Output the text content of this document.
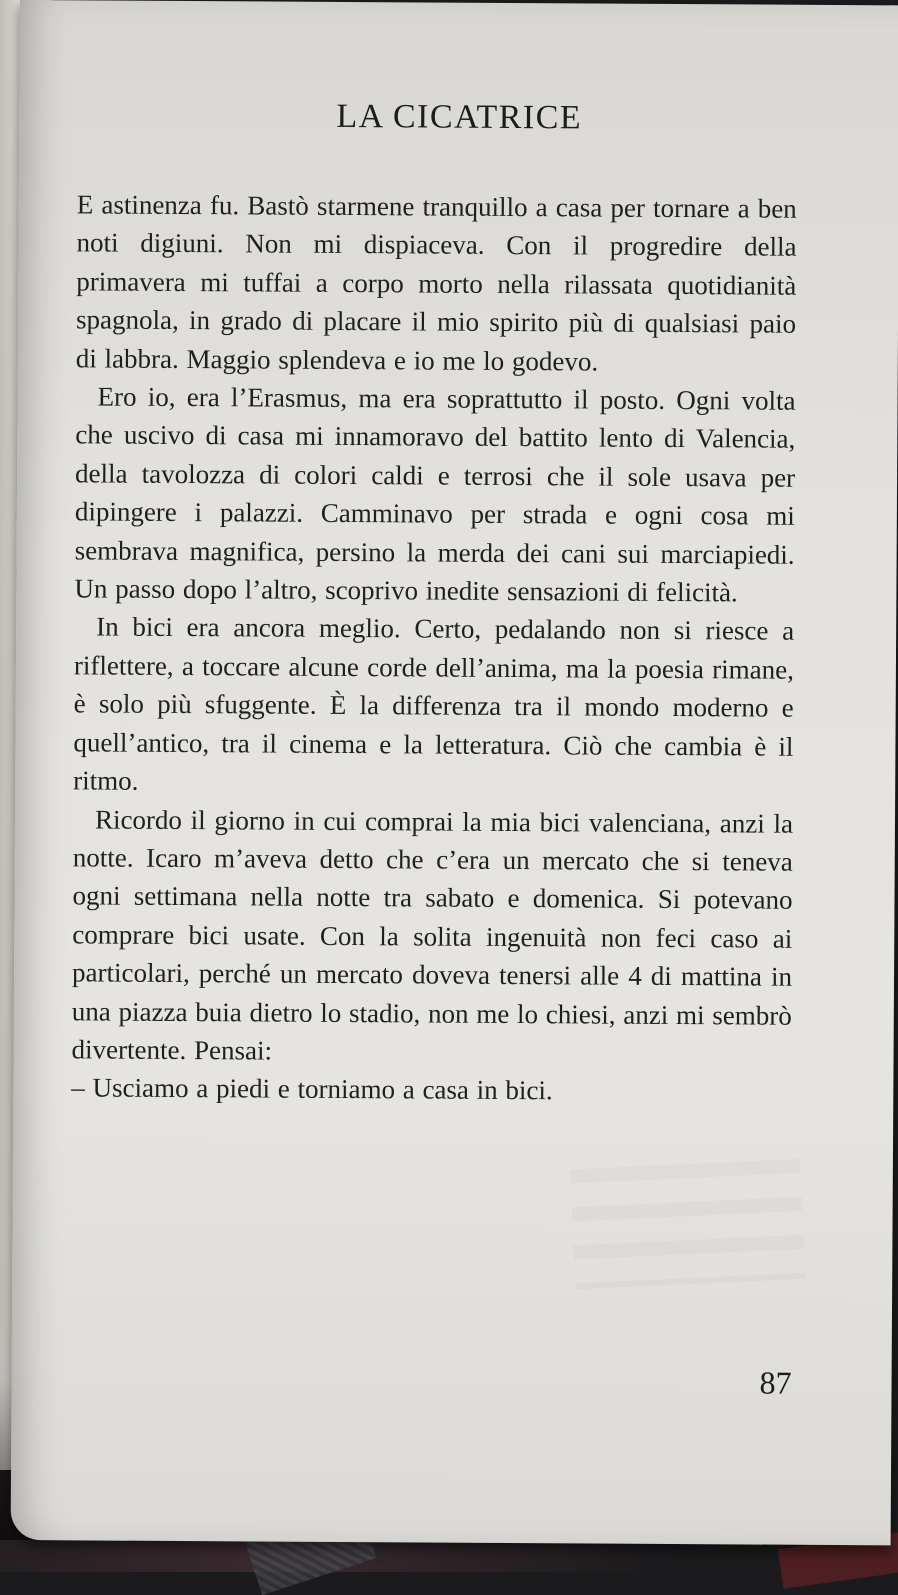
LA CICATRICE

E astinenza fu. Bastò starmene tranquillo a casa per tornare a ben noti digiuni. Non mi dispiaceva. Con il progredire della primavera mi tuffai a corpo morto nella rilassata quotidianità spagnola, in grado di placare il mio spirito più di qualsiasi paio di labbra. Maggio splendeva e io me lo godevo.

Ero io, era l’Erasmus, ma era soprattutto il posto. Ogni volta che uscivo di casa mi innamoravo del battito lento di Valencia, della tavolozza di colori caldi e terrosi che il sole usava per dipingere i palazzi. Camminavo per strada e ogni cosa mi sembrava magnifica, persino la merda dei cani sui marciapiedi. Un passo dopo l’altro, scoprivo inedite sensazioni di felicità.

In bici era ancora meglio. Certo, pedalando non si riesce a riflettere, a toccare alcune corde dell’anima, ma la poesia rimane, è solo più sfuggente. È la differenza tra il mondo moderno e quell’antico, tra il cinema e la letteratura. Ciò che cambia è il ritmo.

Ricordo il giorno in cui comprai la mia bici valenciana, anzi la notte. Icaro m’aveva detto che c’era un mercato che si teneva ogni settimana nella notte tra sabato e domenica. Si potevano comprare bici usate. Con la solita ingenuità non feci caso ai particolari, perché un mercato doveva tenersi alle 4 di mattina in una piazza buia dietro lo stadio, non me lo chiesi, anzi mi sembrò divertente. Pensai:

– Usciamo a piedi e torniamo a casa in bici.

87
